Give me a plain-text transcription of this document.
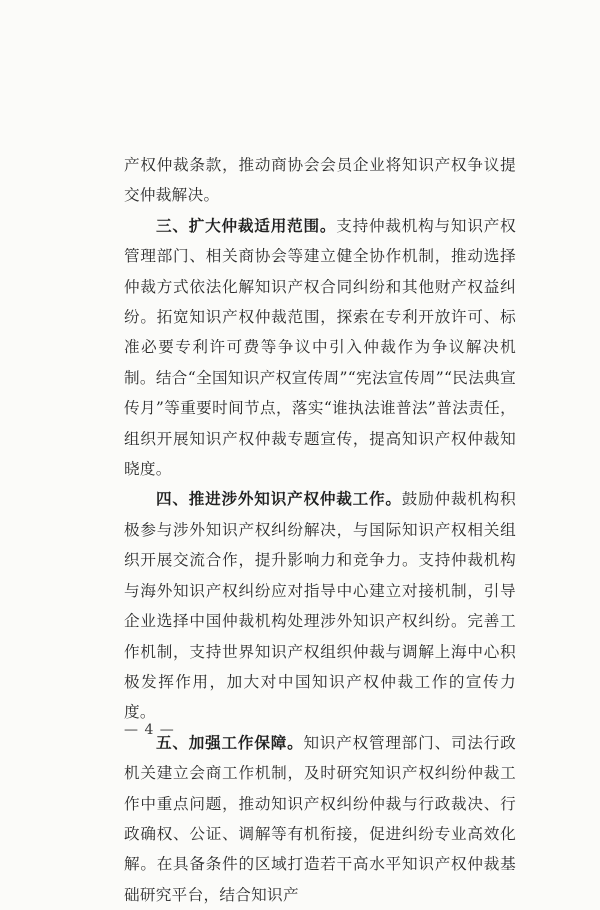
产权仲裁条款，推动商协会会员企业将知识产权争议提交仲裁解决。

三、扩大仲裁适用范围。支持仲裁机构与知识产权管理部门、相关商协会等建立健全协作机制，推动选择仲裁方式依法化解知识产权合同纠纷和其他财产权益纠纷。拓宽知识产权仲裁范围，探索在专利开放许可、标准必要专利许可费等争议中引入仲裁作为争议解决机制。结合“全国知识产权宣传周”“宪法宣传周”“民法典宣传月”等重要时间节点，落实“谁执法谁普法”普法责任，组织开展知识产权仲裁专题宣传，提高知识产权仲裁知晓度。

四、推进涉外知识产权仲裁工作。鼓励仲裁机构积极参与涉外知识产权纠纷解决，与国际知识产权相关组织开展交流合作，提升影响力和竞争力。支持仲裁机构与海外知识产权纠纷应对指导中心建立对接机制，引导企业选择中国仲裁机构处理涉外知识产权纠纷。完善工作机制，支持世界知识产权组织仲裁与调解上海中心积极发挥作用，加大对中国知识产权仲裁工作的宣传力度。

五、加强工作保障。知识产权管理部门、司法行政机关建立会商工作机制，及时研究知识产权纠纷仲裁工作中重点问题，推动知识产权纠纷仲裁与行政裁决、行政确权、公证、调解等有机衔接，促进纠纷专业高效化解。在具备条件的区域打造若干高水平知识产权仲裁基础研究平台，结合知识产

— 4 —
